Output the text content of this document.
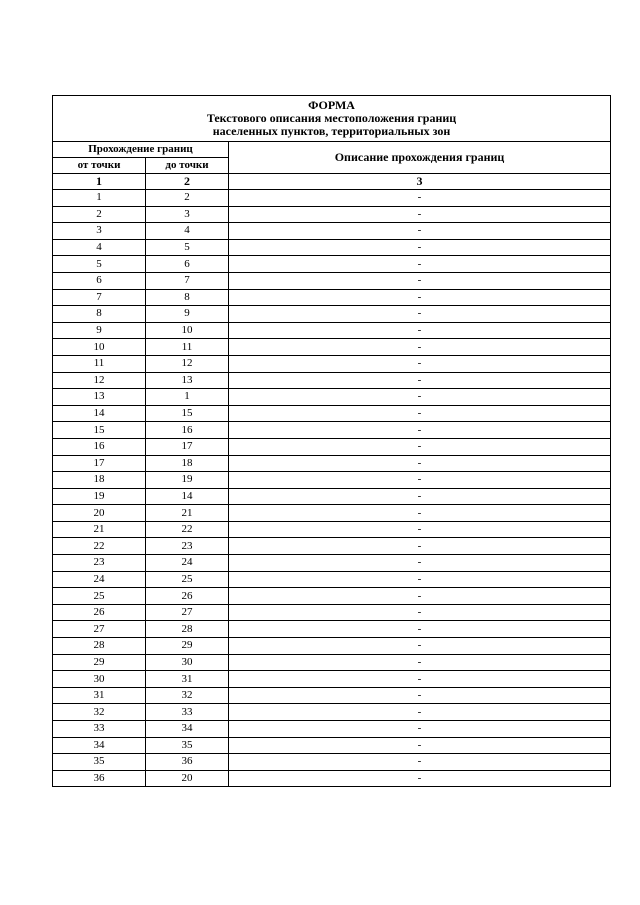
ФОРМА
Текстового описания местоположения границ
населенных пунктов, территориальных зон		

Прохождение границ		Описание прохождения границ
от точки	до точки	
1	2	3
1	2	-
2	3	-
3	4	-
4	5	-
5	6	-
6	7	-
7	8	-
8	9	-
9	10	-
10	11	-
11	12	-
12	13	-
13	1	-
14	15	-
15	16	-
16	17	-
17	18	-
18	19	-
19	14	-
20	21	-
21	22	-
22	23	-
23	24	-
24	25	-
25	26	-
26	27	-
27	28	-
28	29	-
29	30	-
30	31	-
31	32	-
32	33	-
33	34	-
34	35	-
35	36	-
36	20	-
